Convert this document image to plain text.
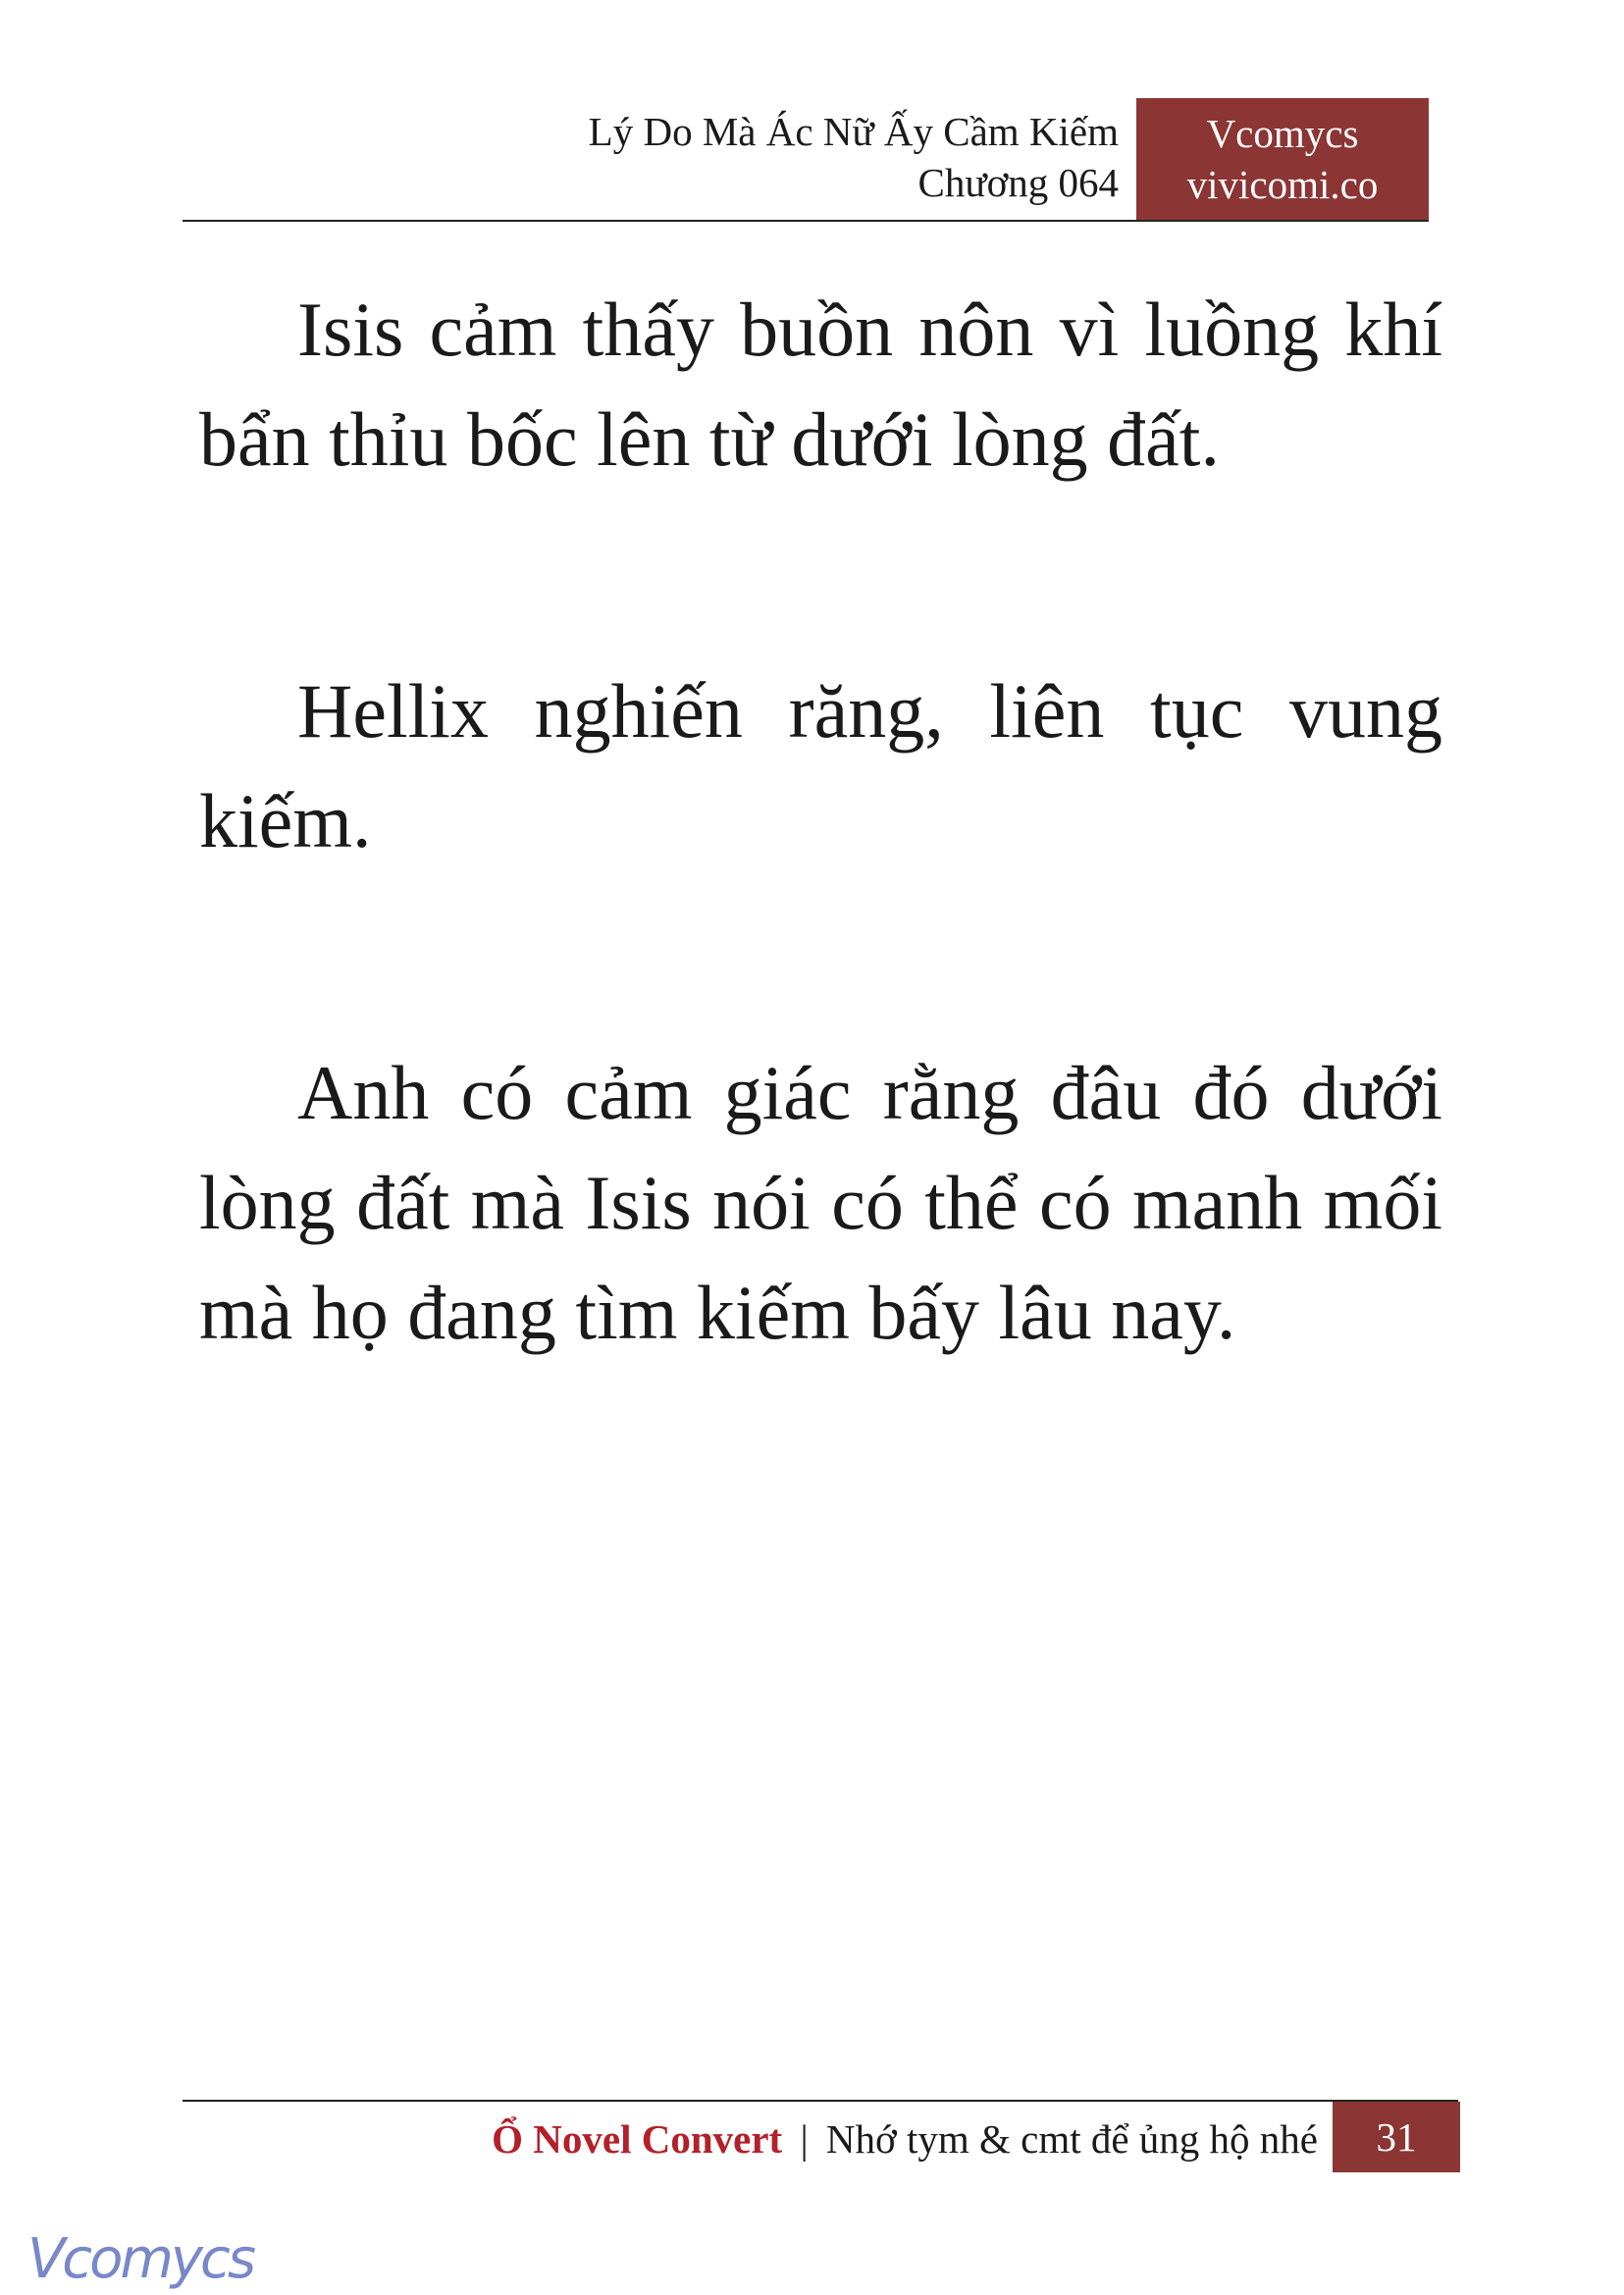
Lý Do Mà Ác Nữ Ấy Cầm Kiếm
Chương 064
Vcomycs
vivicomi.co

Isis cảm thấy buồn nôn vì luồng khí bẩn thỉu bốc lên từ dưới lòng đất.

Hellix nghiến răng, liên tục vung kiếm.

Anh có cảm giác rằng đâu đó dưới lòng đất mà Isis nói có thể có manh mối mà họ đang tìm kiếm bấy lâu nay.

Ổ Novel Convert | Nhớ tym & cmt để ủng hộ nhé	31
Vcomycs
